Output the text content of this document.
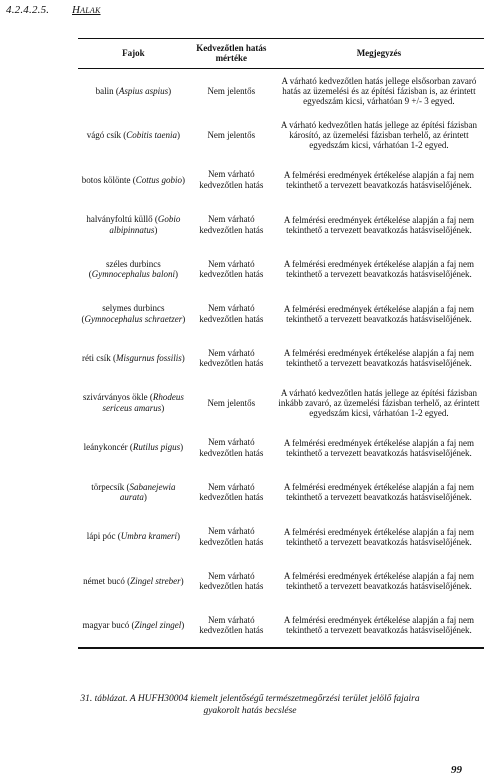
4.2.4.2.5. Halak
Fajok	Kedvezőtlen hatás mértéke	Megjegyzés
balin (Aspius aspius)	Nem jelentős	A várható kedvezőtlen hatás jellege elsősorban zavaró hatás az üzemelési és az építési fázisban is, az érintett egyedszám kicsi, várhatóan 9 +/- 3 egyed.
vágó csík (Cobitis taenia)	Nem jelentős	A várható kedvezőtlen hatás jellege az építési fázisban károsító, az üzemelési fázisban terhelő, az érintett egyedszám kicsi, várhatóan 1-2 egyed.
botos kölönte (Cottus gobio)	Nem várható kedvezőtlen hatás	A felmérési eredmények értékelése alapján a faj nem tekinthető a tervezett beavatkozás hatásviselőjének.
halványfoltú küllő (Gobio albipinnatus)	Nem várható kedvezőtlen hatás	A felmérési eredmények értékelése alapján a faj nem tekinthető a tervezett beavatkozás hatásviselőjének.
széles durbincs (Gymnocephalus baloni)	Nem várható kedvezőtlen hatás	A felmérési eredmények értékelése alapján a faj nem tekinthető a tervezett beavatkozás hatásviselőjének.
selymes durbincs (Gymnocephalus schraetzer)	Nem várható kedvezőtlen hatás	A felmérési eredmények értékelése alapján a faj nem tekinthető a tervezett beavatkozás hatásviselőjének.
réti csík (Misgurnus fossilis)	Nem várható kedvezőtlen hatás	A felmérési eredmények értékelése alapján a faj nem tekinthető a tervezett beavatkozás hatásviselőjének.
szivárványos ökle (Rhodeus sericeus amarus)	Nem jelentős	A várható kedvezőtlen hatás jellege az építési fázisban inkább zavaró, az üzemelési fázisban terhelő, az érintett egyedszám kicsi, várhatóan 1-2 egyed.
leánykoncér (Rutilus pigus)	Nem várható kedvezőtlen hatás	A felmérési eredmények értékelése alapján a faj nem tekinthető a tervezett beavatkozás hatásviselőjének.
törpecsík (Sabanejewia aurata)	Nem várható kedvezőtlen hatás	A felmérési eredmények értékelése alapján a faj nem tekinthető a tervezett beavatkozás hatásviselőjének.
lápi póc (Umbra krameri)	Nem várható kedvezőtlen hatás	A felmérési eredmények értékelése alapján a faj nem tekinthető a tervezett beavatkozás hatásviselőjének.
német bucó (Zingel streber)	Nem várható kedvezőtlen hatás	A felmérési eredmények értékelése alapján a faj nem tekinthető a tervezett beavatkozás hatásviselőjének.
magyar bucó (Zingel zingel)	Nem várható kedvezőtlen hatás	A felmérési eredmények értékelése alapján a faj nem tekinthető a tervezett beavatkozás hatásviselőjének.
31. táblázat. A HUFH30004 kiemelt jelentőségű természetmegőrzési terület jelölő fajaira gyakorolt hatás becslése
99
